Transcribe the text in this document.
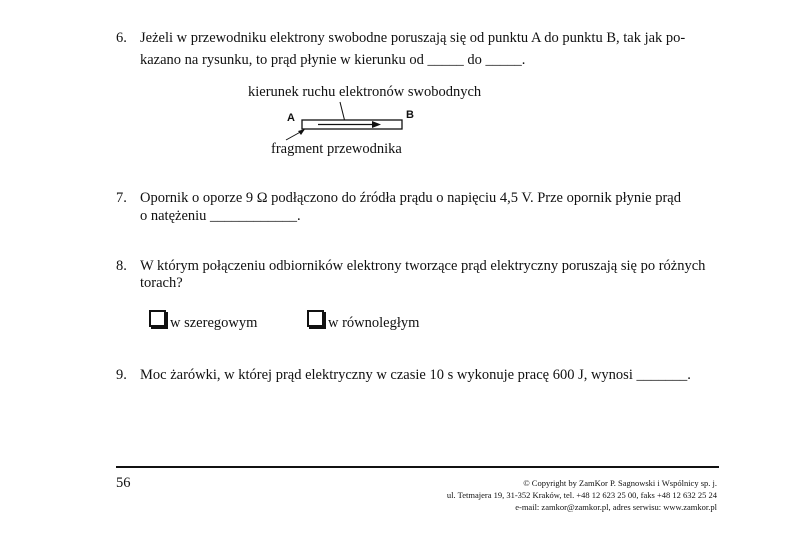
6. Jeżeli w przewodniku elektrony swobodne poruszają się od punktu A do punktu B, tak jak po-
kazano na rysunku, to prąd płynie w kierunku od _____ do _____.
kierunek ruchu elektronów swobodnych
A	B
fragment przewodnika
7. Opornik o oporze 9 Ω podłączono do źródła prądu o napięciu 4,5 V. Prze opornik płynie prąd
o natężeniu ____________.
8. W którym połączeniu odbiorników elektrony tworzące prąd elektryczny poruszają się po różnych
torach?
w szeregowym	w równoległym
9. Moc żarówki, w której prąd elektryczny w czasie 10 s wykonuje pracę 600 J, wynosi _______.
56	© Copyright by ZamKor P. Sagnowski i Wspólnicy sp. j.
ul. Tetmajera 19, 31-352 Kraków, tel. +48 12 623 25 00, faks +48 12 632 25 24
e-mail: zamkor@zamkor.pl, adres serwisu: www.zamkor.pl
